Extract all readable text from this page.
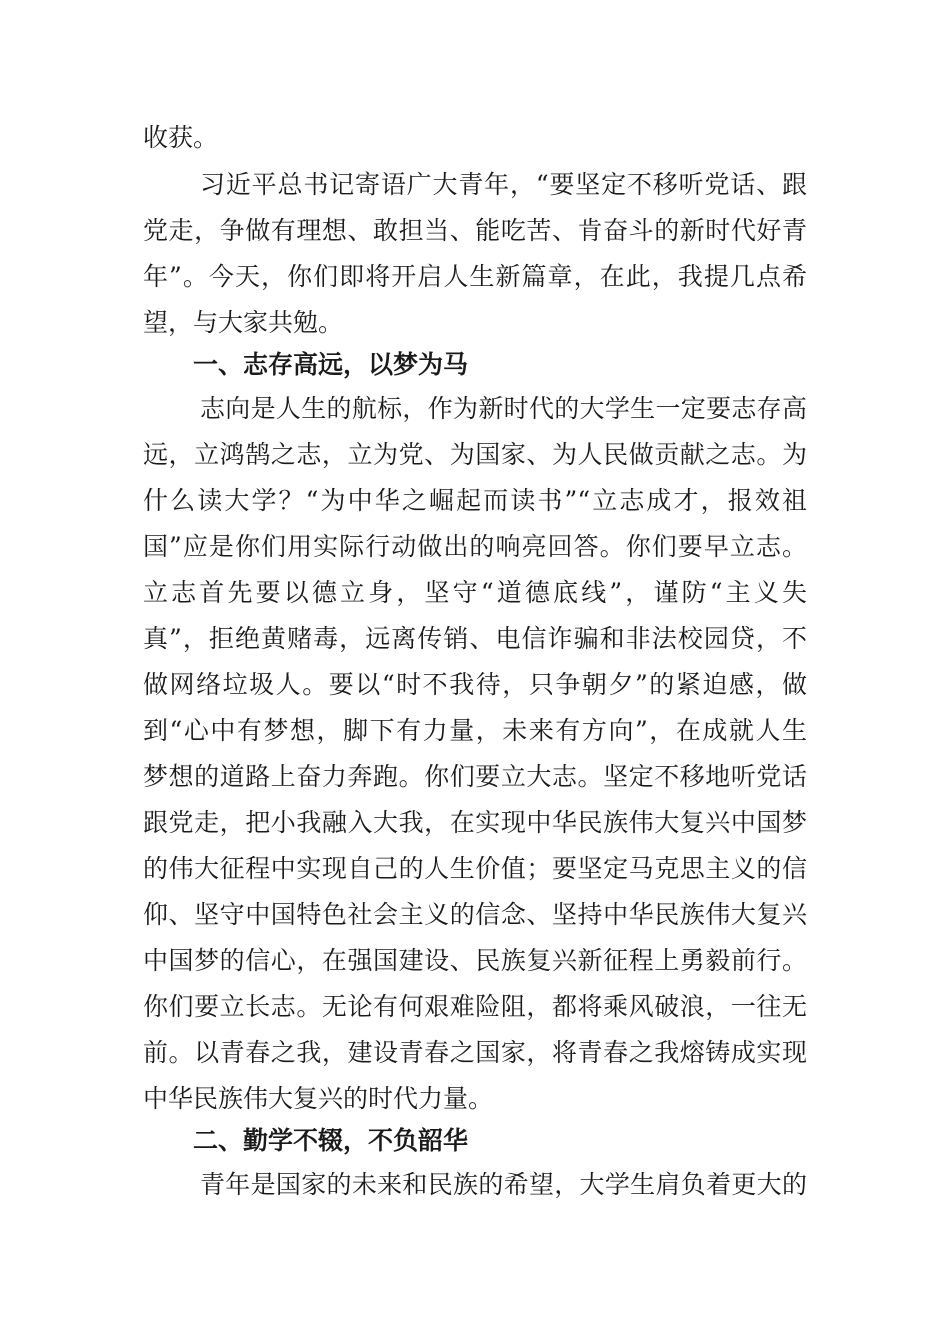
收获。
习近平总书记寄语广大青年，“要坚定不移听党话、跟
党走，争做有理想、敢担当、能吃苦、肯奋斗的新时代好青
年”。今天，你们即将开启人生新篇章，在此，我提几点希
望，与大家共勉。
一、志存高远，以梦为马
志向是人生的航标，作为新时代的大学生一定要志存高
远，立鸿鹄之志，立为党、为国家、为人民做贡献之志。为
什么读大学？“为中华之崛起而读书”“立志成才，报效祖
国”应是你们用实际行动做出的响亮回答。你们要早立志。
立志首先要以德立身，坚守“道德底线”，谨防“主义失
真”，拒绝黄赌毒，远离传销、电信诈骗和非法校园贷，不
做网络垃圾人。要以“时不我待，只争朝夕”的紧迫感，做
到“心中有梦想，脚下有力量，未来有方向”，在成就人生
梦想的道路上奋力奔跑。你们要立大志。坚定不移地听党话
跟党走，把小我融入大我，在实现中华民族伟大复兴中国梦
的伟大征程中实现自己的人生价值；要坚定马克思主义的信
仰、坚守中国特色社会主义的信念、坚持中华民族伟大复兴
中国梦的信心，在强国建设、民族复兴新征程上勇毅前行。
你们要立长志。无论有何艰难险阻，都将乘风破浪，一往无
前。以青春之我，建设青春之国家，将青春之我熔铸成实现
中华民族伟大复兴的时代力量。
二、勤学不辍，不负韶华
青年是国家的未来和民族的希望，大学生肩负着更大的
